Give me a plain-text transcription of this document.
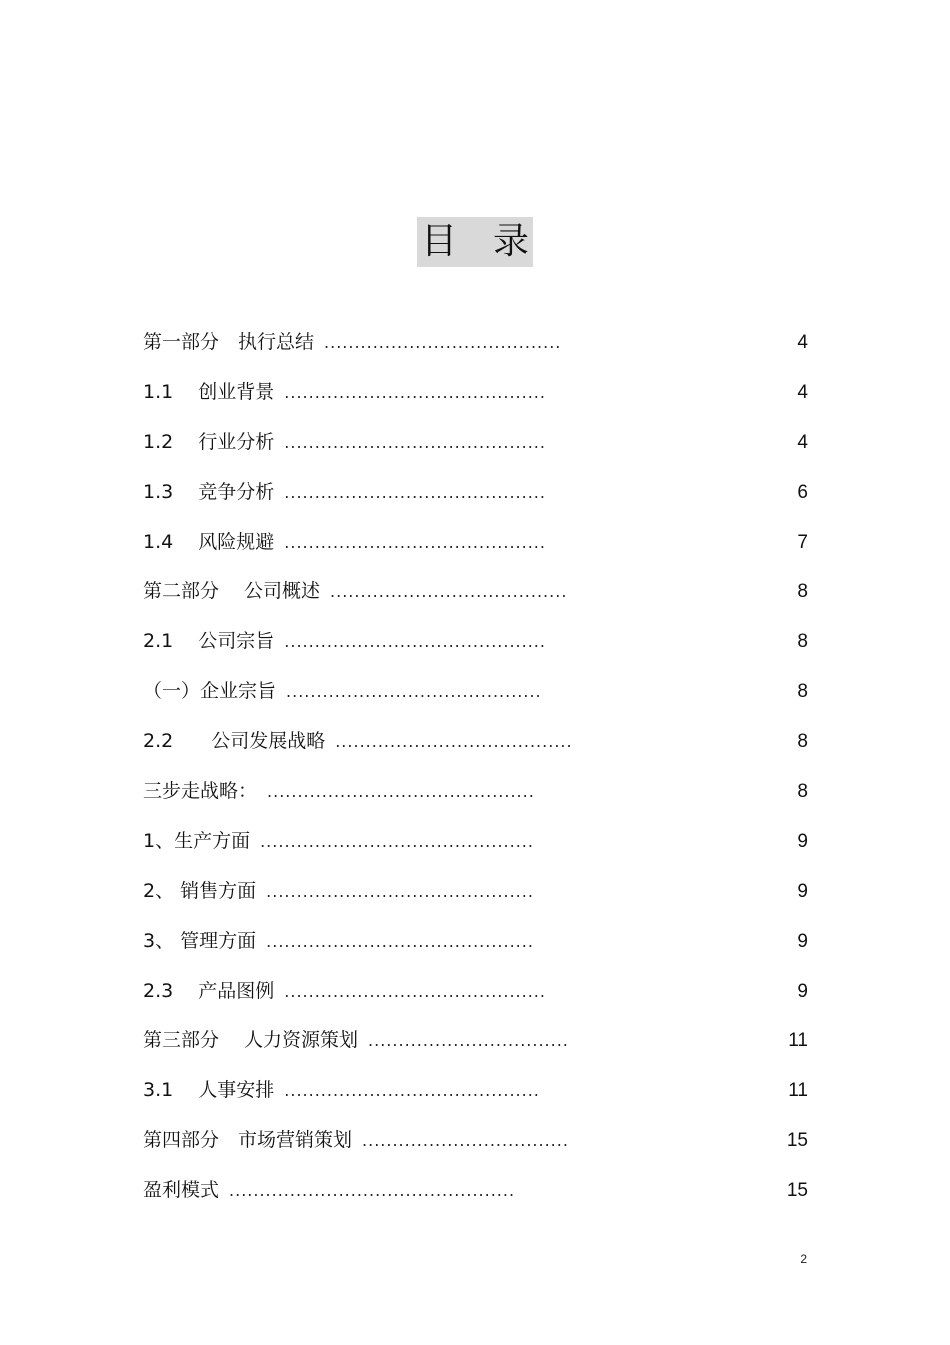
目　录
第一部分　执行总结 .......................................	4
1.1　 创业背景 ...........................................	4
1.2　 行业分析 ...........................................	4
1.3　 竞争分析 ...........................................	6
1.4　 风险规避 ...........................................	7
第二部分　 公司概述 .......................................	8
2.1　 公司宗旨 ...........................................	8
（一）企业宗旨 ..........................................	8
2.2　　公司发展战略 .......................................	8
三步走战略： ............................................	8
1、生产方面 .............................................	9
2、 销售方面 ............................................	9
3、 管理方面 ............................................	9
2.3　 产品图例 ...........................................	9
第三部分　 人力资源策划 .................................	11
3.1　 人事安排 ..........................................	11
第四部分　市场营销策划 ..................................	15
盈利模式 ...............................................	15
2
